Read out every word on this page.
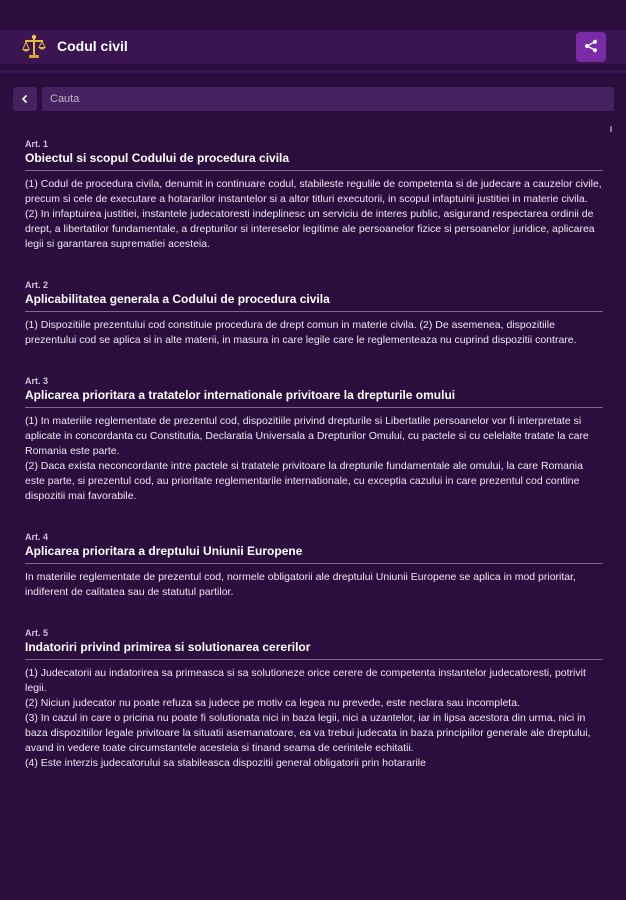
Codul civil
Cauta
Art. 1
Obiectul si scopul Codului de procedura civila

(1) Codul de procedura civila, denumit in continuare codul, stabileste regulile de competenta si de judecare a cauzelor civile, precum si cele de executare a hotararilor instantelor si a altor titluri executorii, in scopul infaptuirii justitiei in materie civila.

(2) In infaptuirea justitiei, instantele judecatoresti indeplinesc un serviciu de interes public, asigurand respectarea ordinii de drept, a libertatilor fundamentale, a drepturilor si intereselor legitime ale persoanelor fizice si persoanelor juridice, aplicarea legii si garantarea suprematiei acesteia.

Art. 2
Aplicabilitatea generala a Codului de procedura civila

(1) Dispozitiile prezentului cod constituie procedura de drept comun in materie civila. (2) De asemenea, dispozitiile prezentului cod se aplica si in alte materii, in masura in care legile care le reglementeaza nu cuprind dispozitii contrare.

Art. 3
Aplicarea prioritara a tratatelor internationale privitoare la drepturile omului

(1) In materiile reglementate de prezentul cod, dispozitiile privind drepturile si Libertatile persoanelor vor fi interpretate si aplicate in concordanta cu Constitutia, Declaratia Universala a Drepturilor Omului, cu pactele si cu celelalte tratate la care Romania este parte.

(2) Daca exista neconcordante intre pactele si tratatele privitoare la drepturile fundamentale ale omului, la care Romania este parte, si prezentul cod, au prioritate reglementarile internationale, cu exceptia cazului in care prezentul cod contine dispozitii mai favorabile.

Art. 4
Aplicarea prioritara a dreptului Uniunii Europene

In materiile reglementate de prezentul cod, normele obligatorii ale dreptului Uniunii Europene se aplica in mod prioritar, indiferent de calitatea sau de statutul partilor.

Art. 5
Indatoriri privind primirea si solutionarea cererilor

(1) Judecatorii au indatorirea sa primeasca si sa solutioneze orice cerere de competenta instantelor judecatoresti, potrivit legii.

(2) Niciun judecator nu poate refuza sa judece pe motiv ca legea nu prevede, este neclara sau incompleta.

(3) In cazul in care o pricina nu poate fi solutionata nici in baza legii, nici a uzantelor, iar in lipsa acestora din urma, nici in baza dispozitiilor legale privitoare la situatii asemanatoare, ea va trebui judecata in baza principiilor generale ale dreptului, avand in vedere toate circumstantele acesteia si tinand seama de cerintele echitatii.

(4) Este interzis judecatorului sa stabileasca dispozitii general obligatorii prin hotararile
